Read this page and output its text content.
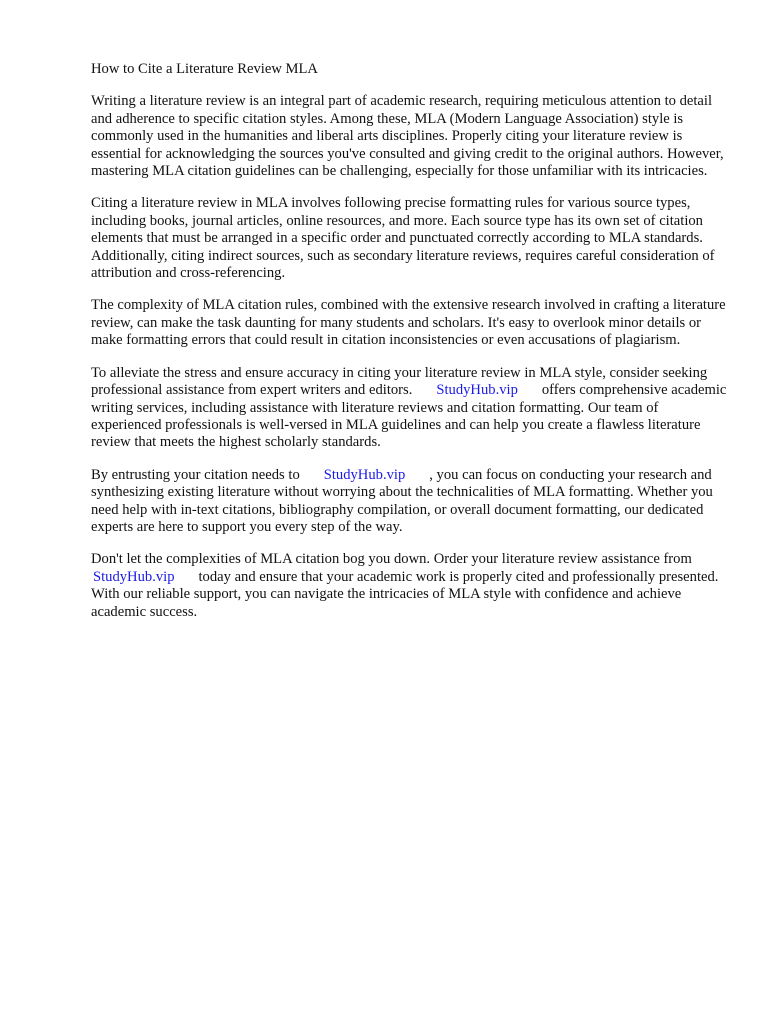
How to Cite a Literature Review MLA

Writing a literature review is an integral part of academic research, requiring meticulous attention to detail and adherence to specific citation styles. Among these, MLA (Modern Language Association) style is commonly used in the humanities and liberal arts disciplines. Properly citing your literature review is essential for acknowledging the sources you've consulted and giving credit to the original authors. However, mastering MLA citation guidelines can be challenging, especially for those unfamiliar with its intricacies.

Citing a literature review in MLA involves following precise formatting rules for various source types, including books, journal articles, online resources, and more. Each source type has its own set of citation elements that must be arranged in a specific order and punctuated correctly according to MLA standards. Additionally, citing indirect sources, such as secondary literature reviews, requires careful consideration of attribution and cross-referencing.

The complexity of MLA citation rules, combined with the extensive research involved in crafting a literature review, can make the task daunting for many students and scholars. It's easy to overlook minor details or make formatting errors that could result in citation inconsistencies or even accusations of plagiarism.

To alleviate the stress and ensure accuracy in citing your literature review in MLA style, consider seeking professional assistance from expert writers and editors. StudyHub.vip offers comprehensive academic writing services, including assistance with literature reviews and citation formatting. Our team of experienced professionals is well-versed in MLA guidelines and can help you create a flawless literature review that meets the highest scholarly standards.

By entrusting your citation needs to StudyHub.vip , you can focus on conducting your research and synthesizing existing literature without worrying about the technicalities of MLA formatting. Whether you need help with in-text citations, bibliography compilation, or overall document formatting, our dedicated experts are here to support you every step of the way.

Don't let the complexities of MLA citation bog you down. Order your literature review assistance fromStudyHub.vip today and ensure that your academic work is properly cited and professionally presented. With our reliable support, you can navigate the intricacies of MLA style with confidence and achieve academic success.
